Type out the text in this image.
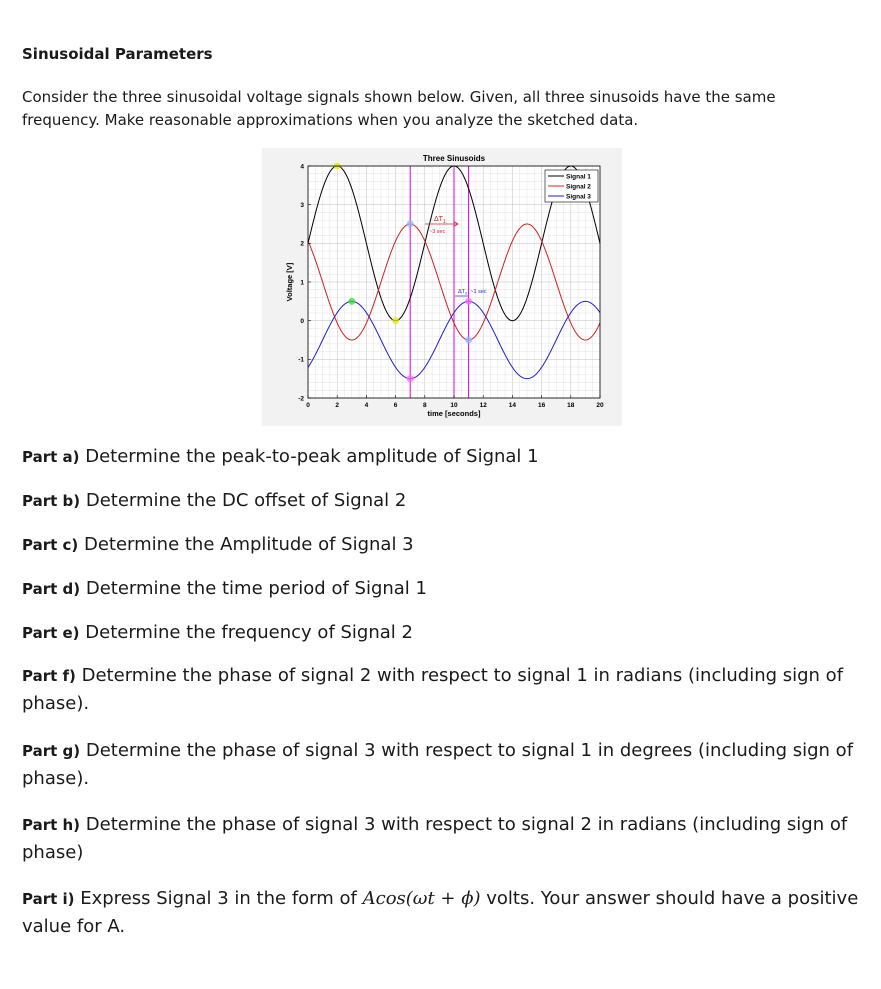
Sinusoidal Parameters
Consider the three sinusoidal voltage signals shown below. Given, all three sinusoids have the same frequency. Make reasonable approximations when you analyze the sketched data.
0	2	4	6	8	10	12	14	16	18	20
-2
-1
0
1
2
3
4
Three Sinusoids
time [seconds]
Voltage [V]
Signal 1
Signal 2
Signal 3
$\Delta T_1$
~3 sec
$\Delta T_2$ ~1 sec
Part a) Determine the peak-to-peak amplitude of Signal 1
Part b) Determine the DC offset of Signal 2
Part c) Determine the Amplitude of Signal 3
Part d) Determine the time period of Signal 1
Part e) Determine the frequency of Signal 2
Part f) Determine the phase of signal 2 with respect to signal 1 in radians (including sign of phase).
Part g) Determine the phase of signal 3 with respect to signal 1 in degrees (including sign of phase).
Part h) Determine the phase of signal 3 with respect to signal 2 in radians (including sign of phase)
Part i) Express Signal 3 in the form of Acos(ωt + ϕ) volts. Your answer should have a positive value for A.
